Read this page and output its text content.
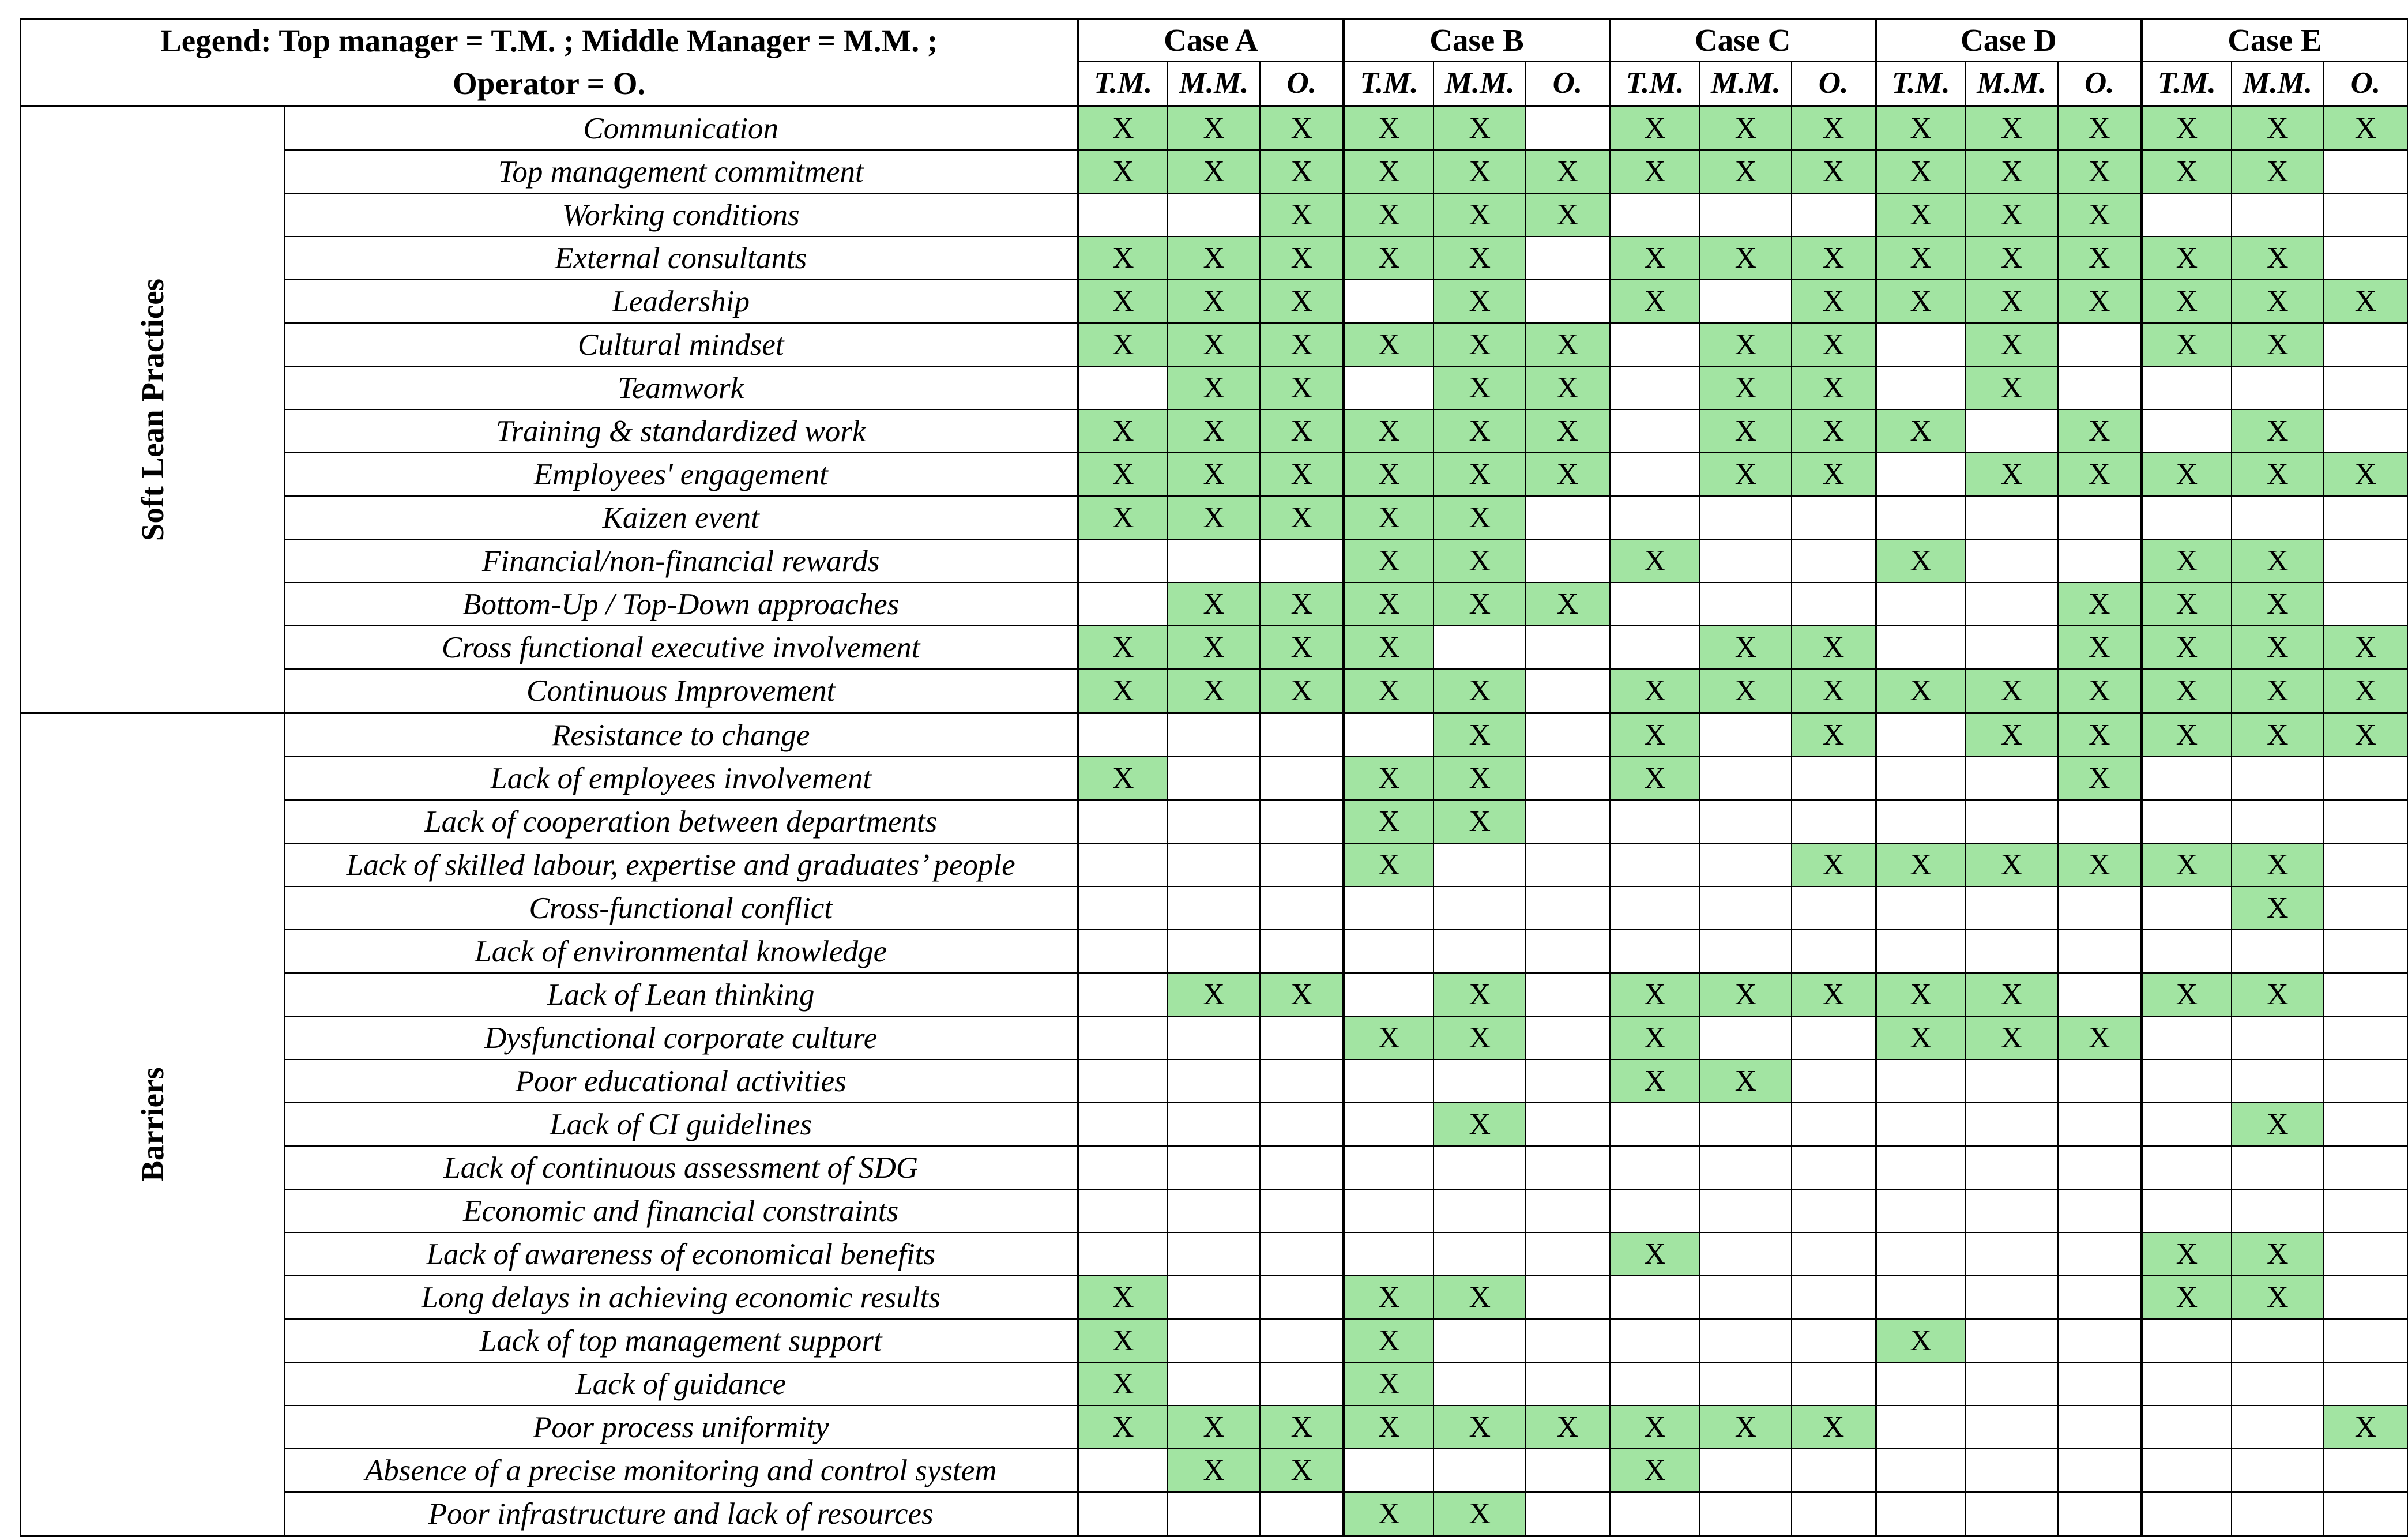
Legend: Top manager = T.M. ; Middle Manager = M.M. ;
Operator = O.		Case A			Case B			Case C			Case D			Case E		
		T.M.	M.M.	O.	T.M.	M.M.	O.	T.M.	M.M.	O.	T.M.	M.M.	O.	T.M.	M.M.	O.
Soft Lean Practices	Communication	X	X	X	X	X		X	X	X	X	X	X	X	X	X
	Top management commitment	X	X	X	X	X	X	X	X	X	X	X	X	X	X	
	Working conditions			X	X	X	X				X	X	X			
	External consultants	X	X	X	X	X		X	X	X	X	X	X	X	X	
	Leadership	X	X	X		X		X		X	X	X	X	X	X	X
	Cultural mindset	X	X	X	X	X	X		X	X		X		X	X	
	Teamwork		X	X		X	X		X	X		X				
	Training & standardized work	X	X	X	X	X	X		X	X	X		X		X	
	Employees' engagement	X	X	X	X	X	X		X	X		X	X	X	X	X
	Kaizen event	X	X	X	X	X										
	Financial/non-financial rewards				X	X		X			X			X	X	
	Bottom-Up / Top-Down approaches		X	X	X	X	X						X	X	X	
	Cross functional executive involvement	X	X	X	X				X	X			X	X	X	X
	Continuous Improvement	X	X	X	X	X		X	X	X	X	X	X	X	X	X
Barriers	Resistance to change					X		X		X		X	X	X	X	X
	Lack of employees involvement	X			X	X		X					X			
	Lack of cooperation between departments				X	X										
	Lack of skilled labour, expertise and graduates’ people				X					X	X	X	X	X	X	
	Cross-functional conflict														X	
	Lack of environmental knowledge															
	Lack of Lean thinking		X	X		X		X	X	X	X	X		X	X	
	Dysfunctional corporate culture				X	X		X			X	X	X			
	Poor educational activities							X	X							
	Lack of CI guidelines					X									X	
	Lack of continuous assessment of SDG															
	Economic and financial constraints															
	Lack of awareness of economical benefits							X						X	X	
	Long delays in achieving economic results	X			X	X								X	X	
	Lack of top management support	X			X						X					
	Lack of guidance	X			X											
	Poor process uniformity	X	X	X	X	X	X	X	X	X						X
	Absence of a precise monitoring and control system		X	X				X								
	Poor infrastructure and lack of resources				X	X										
